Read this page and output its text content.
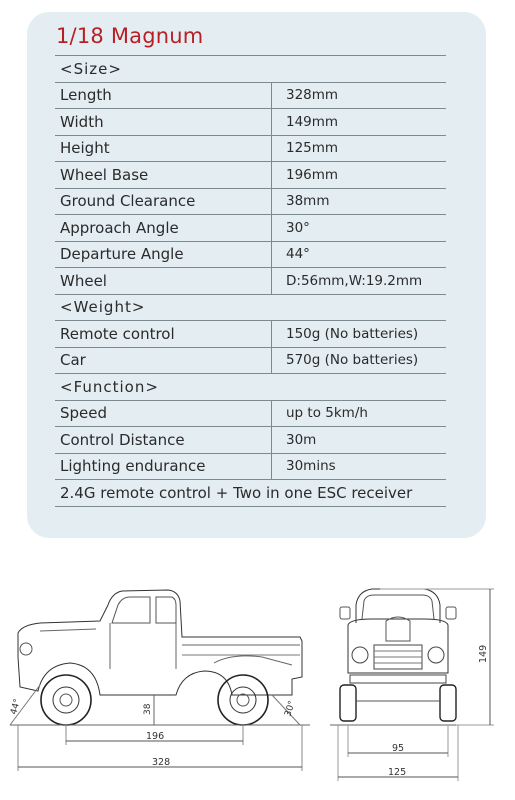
1/18 Magnum
<Size>	
Length	328mm
Width	149mm
Height	125mm
Wheel Base	196mm
Ground Clearance	38mm
Approach Angle	30°
Departure Angle	44°
Wheel	D:56mm,W:19.2mm
<Weight>	
Remote control	150g (No batteries)
Car	570g (No batteries)
<Function>	
Speed	up to 5km/h
Control Distance	30m
Lighting endurance	30mins
2.4G remote control + Two in one ESC receiver	
44°	30°
38
196
328
149
95
125
